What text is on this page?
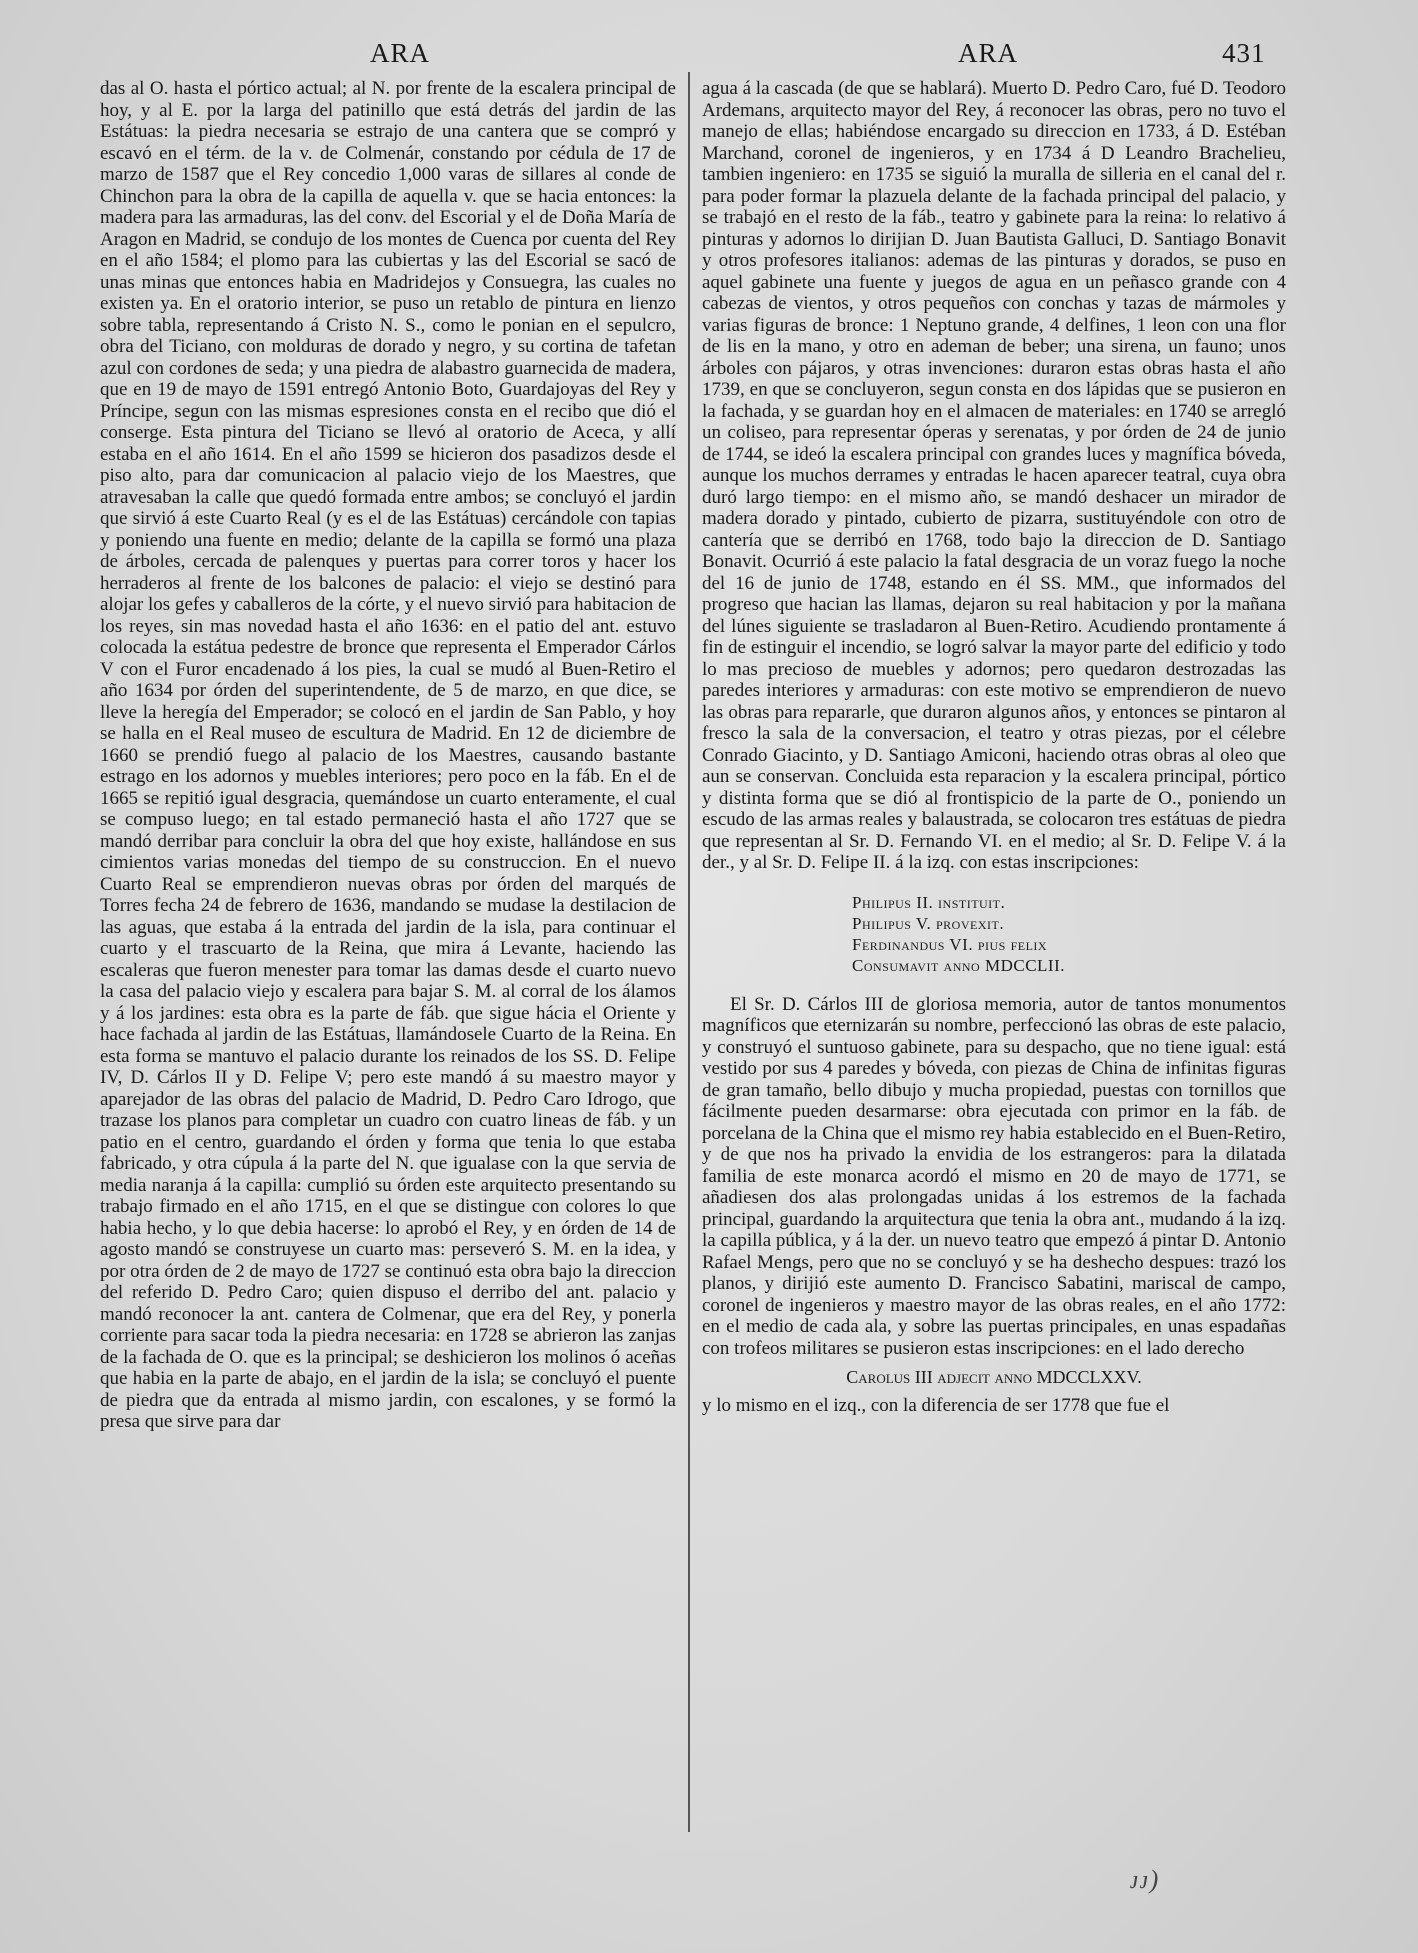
ARA	ARA	431

das al O. hasta el pórtico actual; al N. por frente de la escalera principal de hoy, y al E. por la larga del patinillo que está detrás del jardin de las Estátuas: la piedra necesaria se estrajo de una cantera que se compró y escavó en el térm. de la v. de Colmenár, constando por cédula de 17 de marzo de 1587 que el Rey concedio 1,000 varas de sillares al conde de Chinchon para la obra de la capilla de aquella v. que se hacia entonces: la madera para las armaduras, las del conv. del Escorial y el de Doña María de Aragon en Madrid, se condujo de los montes de Cuenca por cuenta del Rey en el año 1584; el plomo para las cubiertas y las del Escorial se sacó de unas minas que entonces habia en Madridejos y Consuegra, las cuales no existen ya. En el oratorio interior, se puso un retablo de pintura en lienzo sobre tabla, representando á Cristo N. S., como le ponian en el sepulcro, obra del Ticiano, con molduras de dorado y negro, y su cortina de tafetan azul con cordones de seda; y una piedra de alabastro guarnecida de madera, que en 19 de mayo de 1591 entregó Antonio Boto, Guardajoyas del Rey y Príncipe, segun con las mismas espresiones consta en el recibo que dió el conserge. Esta pintura del Ticiano se llevó al oratorio de Aceca, y allí estaba en el año 1614. En el año 1599 se hicieron dos pasadizos desde el piso alto, para dar comunicacion al palacio viejo de los Maestres, que atravesaban la calle que quedó formada entre ambos; se concluyó el jardin que sirvió á este Cuarto Real (y es el de las Estátuas) cercándole con tapias y poniendo una fuente en medio; delante de la capilla se formó una plaza de árboles, cercada de palenques y puertas para correr toros y hacer los herraderos al frente de los balcones de palacio: el viejo se destinó para alojar los gefes y caballeros de la córte, y el nuevo sirvió para habitacion de los reyes, sin mas novedad hasta el año 1636: en el patio del ant. estuvo colocada la estátua pedestre de bronce que representa el Emperador Cárlos V con el Furor encadenado á los pies, la cual se mudó al Buen-Retiro el año 1634 por órden del superintendente, de 5 de marzo, en que dice, se lleve la heregía del Emperador; se colocó en el jardin de San Pablo, y hoy se halla en el Real museo de escultura de Madrid. En 12 de diciembre de 1660 se prendió fuego al palacio de los Maestres, causando bastante estrago en los adornos y muebles interiores; pero poco en la fáb. En el de 1665 se repitió igual desgracia, quemándose un cuarto enteramente, el cual se compuso luego; en tal estado permaneció hasta el año 1727 que se mandó derribar para concluir la obra del que hoy existe, hallándose en sus cimientos varias monedas del tiempo de su construccion. En el nuevo Cuarto Real se emprendieron nuevas obras por órden del marqués de Torres fecha 24 de febrero de 1636, mandando se mudase la destilacion de las aguas, que estaba á la entrada del jardin de la isla, para continuar el cuarto y el trascuarto de la Reina, que mira á Levante, haciendo las escaleras que fueron menester para tomar las damas desde el cuarto nuevo la casa del palacio viejo y escalera para bajar S. M. al corral de los álamos y á los jardines: esta obra es la parte de fáb. que sigue hácia el Oriente y hace fachada al jardin de las Estátuas, llamándosele Cuarto de la Reina. En esta forma se mantuvo el palacio durante los reinados de los SS. D. Felipe IV, D. Cárlos II y D. Felipe V; pero este mandó á su maestro mayor y aparejador de las obras del palacio de Madrid, D. Pedro Caro Idrogo, que trazase los planos para completar un cuadro con cuatro lineas de fáb. y un patio en el centro, guardando el órden y forma que tenia lo que estaba fabricado, y otra cúpula á la parte del N. que igualase con la que servia de media naranja á la capilla: cumplió su órden este arquitecto presentando su trabajo firmado en el año 1715, en el que se distingue con colores lo que habia hecho, y lo que debia hacerse: lo aprobó el Rey, y en órden de 14 de agosto mandó se construyese un cuarto mas: perseveró S. M. en la idea, y por otra órden de 2 de mayo de 1727 se continuó esta obra bajo la direccion del referido D. Pedro Caro; quien dispuso el derribo del ant. palacio y mandó reconocer la ant. cantera de Colmenar, que era del Rey, y ponerla corriente para sacar toda la piedra necesaria: en 1728 se abrieron las zanjas de la fachada de O. que es la principal; se deshicieron los molinos ó aceñas que habia en la parte de abajo, en el jardin de la isla; se concluyó el puente de piedra que da entrada al mismo jardin, con escalones, y se formó la presa que sirve para dar

agua á la cascada (de que se hablará). Muerto D. Pedro Caro, fué D. Teodoro Ardemans, arquitecto mayor del Rey, á reconocer las obras, pero no tuvo el manejo de ellas; habiéndose encargado su direccion en 1733, á D. Estéban Marchand, coronel de ingenieros, y en 1734 á D Leandro Brachelieu, tambien ingeniero: en 1735 se siguió la muralla de silleria en el canal del r. para poder formar la plazuela delante de la fachada principal del palacio, y se trabajó en el resto de la fáb., teatro y gabinete para la reina: lo relativo á pinturas y adornos lo dirijian D. Juan Bautista Galluci, D. Santiago Bonavit y otros profesores italianos: ademas de las pinturas y dorados, se puso en aquel gabinete una fuente y juegos de agua en un peñasco grande con 4 cabezas de vientos, y otros pequeños con conchas y tazas de mármoles y varias figuras de bronce: 1 Neptuno grande, 4 delfines, 1 leon con una flor de lis en la mano, y otro en ademan de beber; una sirena, un fauno; unos árboles con pájaros, y otras invenciones: duraron estas obras hasta el año 1739, en que se concluyeron, segun consta en dos lápidas que se pusieron en la fachada, y se guardan hoy en el almacen de materiales: en 1740 se arregló un coliseo, para representar óperas y serenatas, y por órden de 24 de junio de 1744, se ideó la escalera principal con grandes luces y magnífica bóveda, aunque los muchos derrames y entradas le hacen aparecer teatral, cuya obra duró largo tiempo: en el mismo año, se mandó deshacer un mirador de madera dorado y pintado, cubierto de pizarra, sustituyéndole con otro de cantería que se derribó en 1768, todo bajo la direccion de D. Santiago Bonavit. Ocurrió á este palacio la fatal desgracia de un voraz fuego la noche del 16 de junio de 1748, estando en él SS. MM., que informados del progreso que hacian las llamas, dejaron su real habitacion y por la mañana del lúnes siguiente se trasladaron al Buen-Retiro. Acudiendo prontamente á fin de estinguir el incendio, se logró salvar la mayor parte del edificio y todo lo mas precioso de muebles y adornos; pero quedaron destrozadas las paredes interiores y armaduras: con este motivo se emprendieron de nuevo las obras para repararle, que duraron algunos años, y entonces se pintaron al fresco la sala de la conversacion, el teatro y otras piezas, por el célebre Conrado Giacinto, y D. Santiago Amiconi, haciendo otras obras al oleo que aun se conservan. Concluida esta reparacion y la escalera principal, pórtico y distinta forma que se dió al frontispicio de la parte de O., poniendo un escudo de las armas reales y balaustrada, se colocaron tres estátuas de piedra que representan al Sr. D. Fernando VI. en el medio; al Sr. D. Felipe V. á la der., y al Sr. D. Felipe II. á la izq. con estas inscripciones:

Philipus II. instituit.
Philipus V. provexit.
Ferdinandus VI. pius felix
Consumavit anno MDCCLII.

El Sr. D. Cárlos III de gloriosa memoria, autor de tantos monumentos magníficos que eternizarán su nombre, perfeccionó las obras de este palacio, y construyó el suntuoso gabinete, para su despacho, que no tiene igual: está vestido por sus 4 paredes y bóveda, con piezas de China de infinitas figuras de gran tamaño, bello dibujo y mucha propiedad, puestas con tornillos que fácilmente pueden desarmarse: obra ejecutada con primor en la fáb. de porcelana de la China que el mismo rey habia establecido en el Buen-Retiro, y de que nos ha privado la envidia de los estrangeros: para la dilatada familia de este monarca acordó el mismo en 20 de mayo de 1771, se añadiesen dos alas prolongadas unidas á los estremos de la fachada principal, guardando la arquitectura que tenia la obra ant., mudando á la izq. la capilla pública, y á la der. un nuevo teatro que empezó á pintar D. Antonio Rafael Mengs, pero que no se concluyó y se ha deshecho despues: trazó los planos, y dirijió este aumento D. Francisco Sabatini, mariscal de campo, coronel de ingenieros y maestro mayor de las obras reales, en el año 1772: en el medio de cada ala, y sobre las puertas principales, en unas espadañas con trofeos militares se pusieron estas inscripciones: en el lado derecho

Carolus III adjecit anno MDCCLXXV.

y lo mismo en el izq., con la diferencia de ser 1778 que fue el

ᴊᴊ)
